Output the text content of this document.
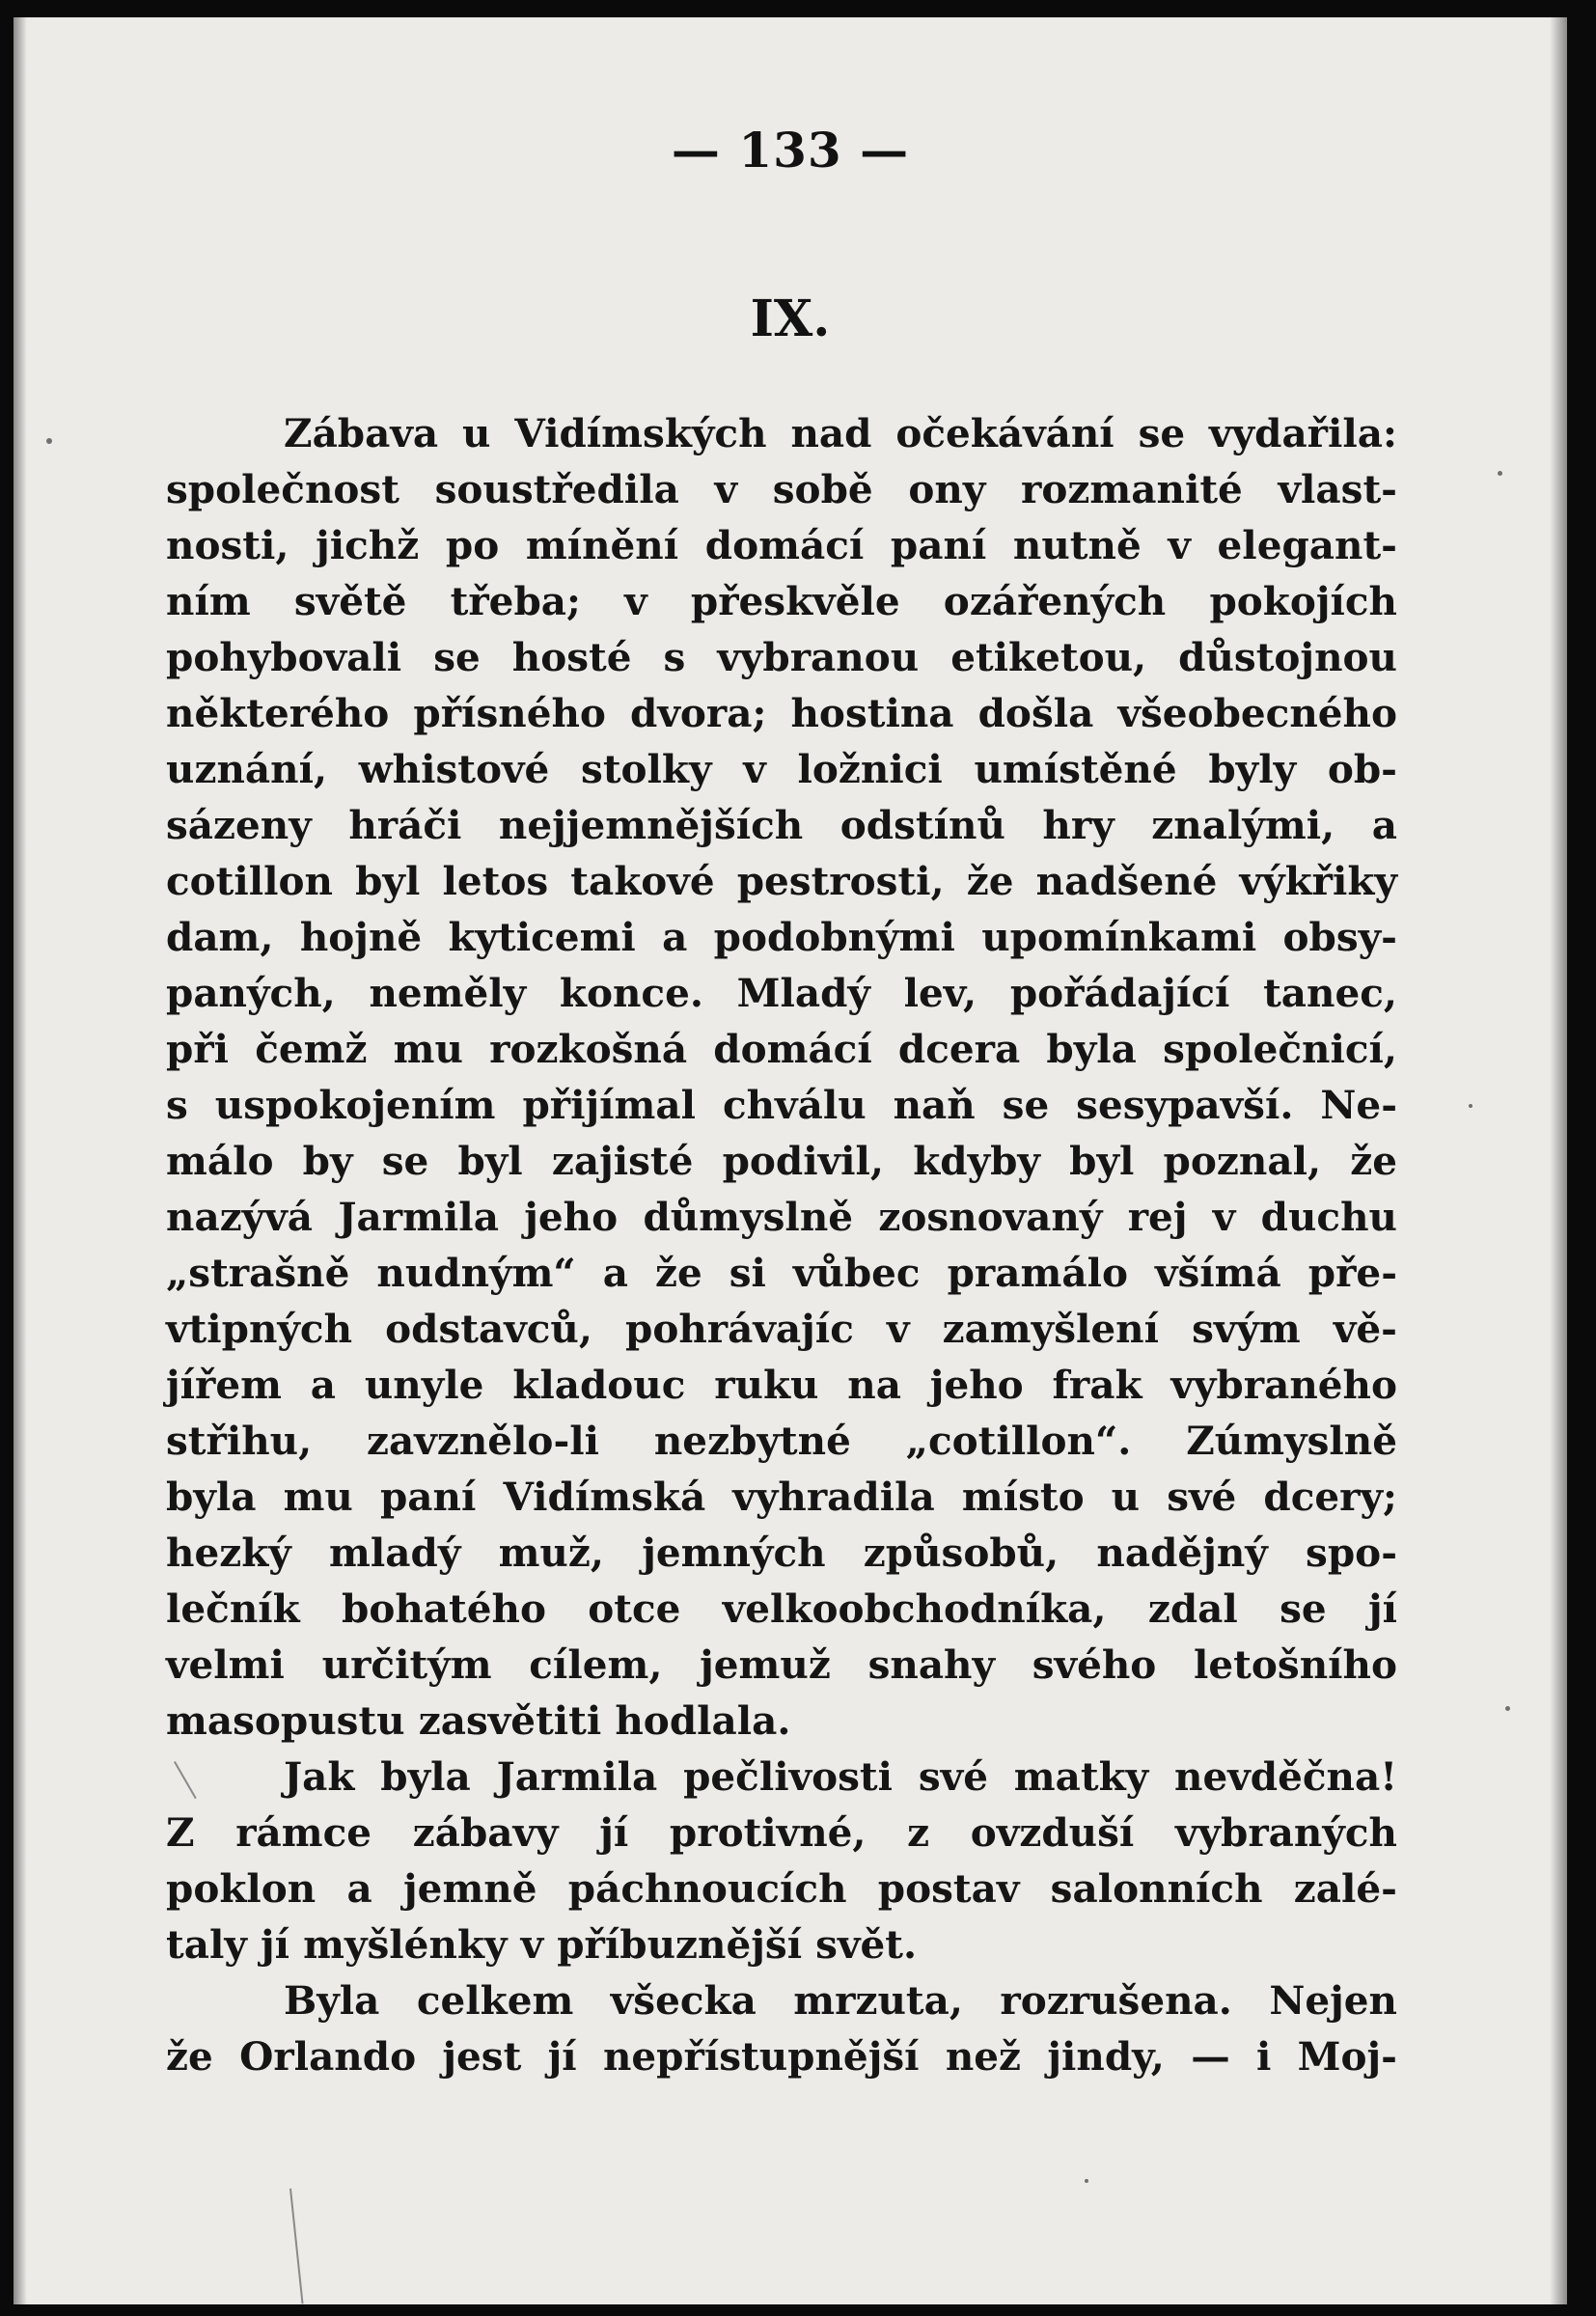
— 133 —
IX.
Zábava u Vidímských nad očekávání se vydařila:
společnost soustředila v sobě ony rozmanité vlast-
nosti, jichž po mínění domácí paní nutně v elegant-
ním světě třeba; v přeskvěle ozářených pokojích
pohybovali se hosté s vybranou etiketou, důstojnou
některého přísného dvora; hostina došla všeobecného
uznání, whistové stolky v ložnici umístěné byly ob-
sázeny hráči nejjemnějších odstínů hry znalými, a
cotillon byl letos takové pestrosti, že nadšené výkřiky
dam, hojně kyticemi a podobnými upomínkami obsy-
paných, neměly konce. Mladý lev, pořádající tanec,
při čemž mu rozkošná domácí dcera byla společnicí,
s uspokojením přijímal chválu naň se sesypavší. Ne-
málo by se byl zajisté podivil, kdyby byl poznal, že
nazývá Jarmila jeho důmyslně zosnovaný rej v duchu
„strašně nudným“ a že si vůbec pramálo všímá pře-
vtipných odstavců, pohrávajíc v zamyšlení svým vě-
jířem a unyle kladouc ruku na jeho frak vybraného
střihu, zavznělo-li nezbytné „cotillon“. Zúmyslně
byla mu paní Vidímská vyhradila místo u své dcery;
hezký mladý muž, jemných způsobů, nadějný spo-
lečník bohatého otce velkoobchodníka, zdal se jí
velmi určitým cílem, jemuž snahy svého letošního
masopustu zasvětiti hodlala.
Jak byla Jarmila pečlivosti své matky nevděčna!
Z rámce zábavy jí protivné, z ovzduší vybraných
poklon a jemně páchnoucích postav salonních zalé-
taly jí myšlénky v příbuznější svět.
Byla celkem všecka mrzuta, rozrušena. Nejen
že Orlando jest jí nepřístupnější než jindy, — i Moj-
